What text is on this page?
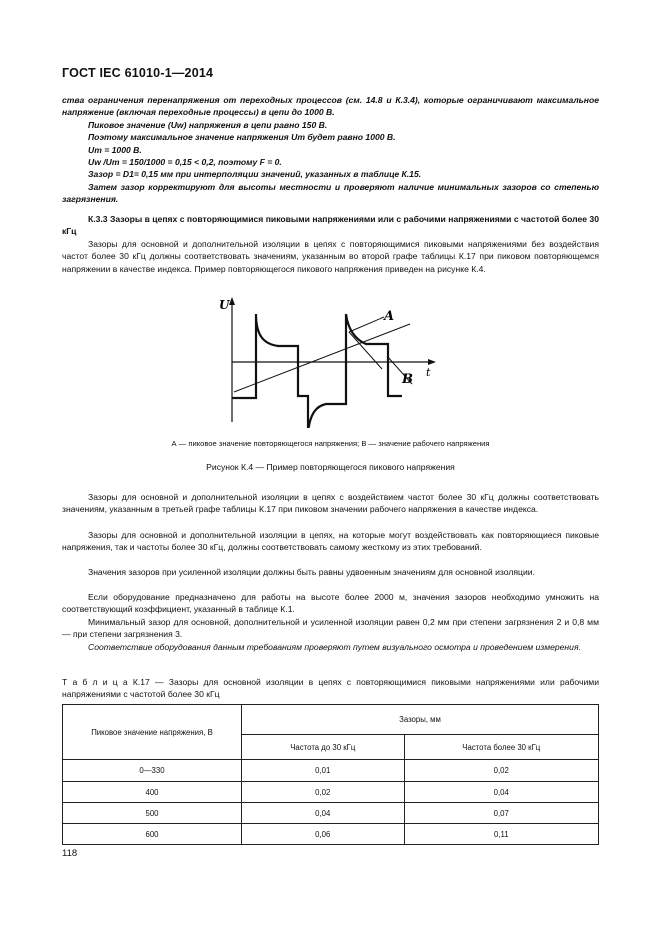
ГОСТ IEC 61010-1—2014
ства ограничения перенапряжения от переходных процессов (см. 14.8 и К.3.4), которые ограничивают максимальное напряжение (включая переходные процессы) в цепи до 1000 В.
Пиковое значение (Uw) напряжения в цепи равно 150 В.
Поэтому максимальное значение напряжения Um будет равно 1000 В.
Um = 1000 В.
Uw /Um = 150/1000 = 0,15 < 0,2, поэтому F = 0.
Зазор = D1= 0,15 мм при интерполяции значений, указанных в таблице К.15.
Затем зазор корректируют для высоты местности и проверяют наличие минимальных зазоров со степенью загрязнения.
К.3.3 Зазоры в цепях с повторяющимися пиковыми напряжениями или с рабочими напряжениями с частотой более 30 кГц
Зазоры для основной и дополнительной изоляции в цепях с повторяющимися пиковыми напряжениями без воздействия частот более 30 кГц должны соответствовать значениям, указанным во второй графе таблицы К.17 при пиковом повторяющемся напряжении в качестве индекса. Пример повторяющегося пикового напряжения приведен на рисунке К.4.
U
t
A
B
А — пиковое значение повторяющегося напряжения; В — значение рабочего напряжения
Рисунок К.4 — Пример повторяющегося пикового напряжения
Зазоры для основной и дополнительной изоляции в цепях с воздействием частот более 30 кГц должны соответствовать значениям, указанным в третьей графе таблицы К.17 при пиковом значении рабочего напряжения в качестве индекса.
Зазоры для основной и дополнительной изоляции в цепях, на которые могут воздействовать как повторяющиеся пиковые напряжения, так и частоты более 30 кГц, должны соответствовать самому жесткому из этих требований.
Значения зазоров при усиленной изоляции должны быть равны удвоенным значениям для основной изоляции.
Если оборудование предназначено для работы на высоте более 2000 м, значения зазоров необходимо умножить на соответствующий коэффициент, указанный в таблице К.1.
Минимальный зазор для основной, дополнительной и усиленной изоляции равен 0,2 мм при степени загрязнения 2 и 0,8 мм — при степени загрязнения 3.
Соответствие оборудования данным требованиям проверяют путем визуального осмотра и проведением измерения.
Т а б л и ц а К.17 — Зазоры для основной изоляции в цепях с повторяющимися пиковыми напряжениями или рабочими напряжениями с частотой более 30 кГц
Пиковое значение напряжения, В	Зазоры, мм	
	Частота до 30 кГц	Частота более 30 кГц
0—330	0,01	0,02
400	0,02	0,04
500	0,04	0,07
600	0,06	0,11
118
